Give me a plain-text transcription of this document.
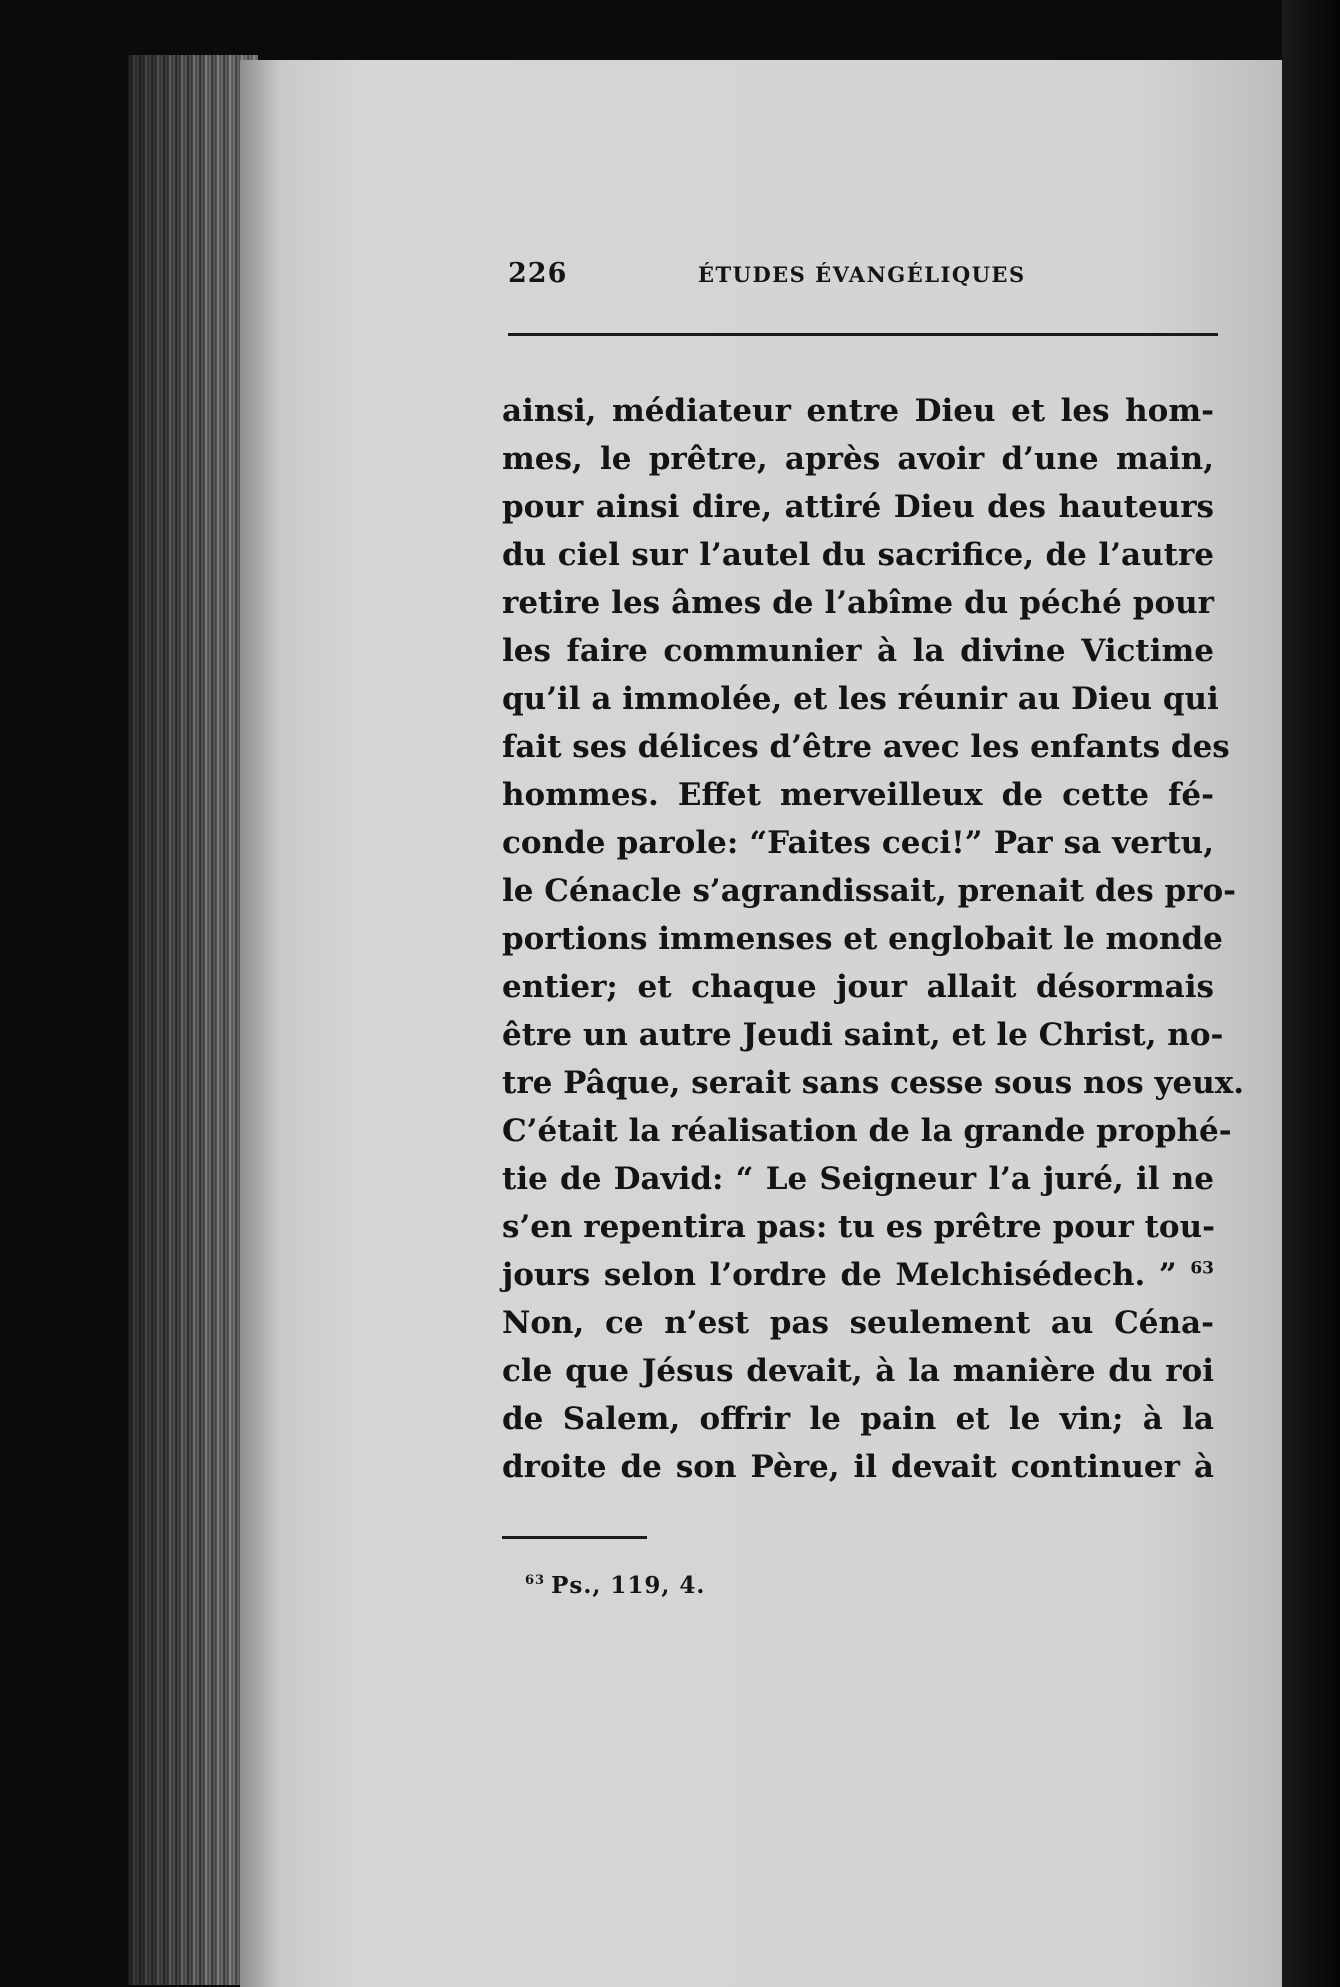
226	ÉTUDES ÉVANGÉLIQUES
ainsi, médiateur entre Dieu et les hom-
mes, le prêtre, après avoir d’une main,
pour ainsi dire, attiré Dieu des hauteurs
du ciel sur l’autel du sacrifice, de l’autre
retire les âmes de l’abîme du péché pour
les faire communier à la divine Victime
qu’il a immolée, et les réunir au Dieu qui
fait ses délices d’être avec les enfants des
hommes. Effet merveilleux de cette fé-
conde parole: “Faites ceci!” Par sa vertu,
le Cénacle s’agrandissait, prenait des pro-
portions immenses et englobait le monde
entier; et chaque jour allait désormais
être un autre Jeudi saint, et le Christ, no-
tre Pâque, serait sans cesse sous nos yeux.
C’était la réalisation de la grande prophé-
tie de David: “ Le Seigneur l’a juré, il ne
s’en repentira pas: tu es prêtre pour tou-
jours selon l’ordre de Melchisédech. ” $^{63}$
Non, ce n’est pas seulement au Céna-
cle que Jésus devait, à la manière du roi
de Salem, offrir le pain et le vin; à la
droite de son Père, il devait continuer à
$^{63}$ Ps., 119, 4.
